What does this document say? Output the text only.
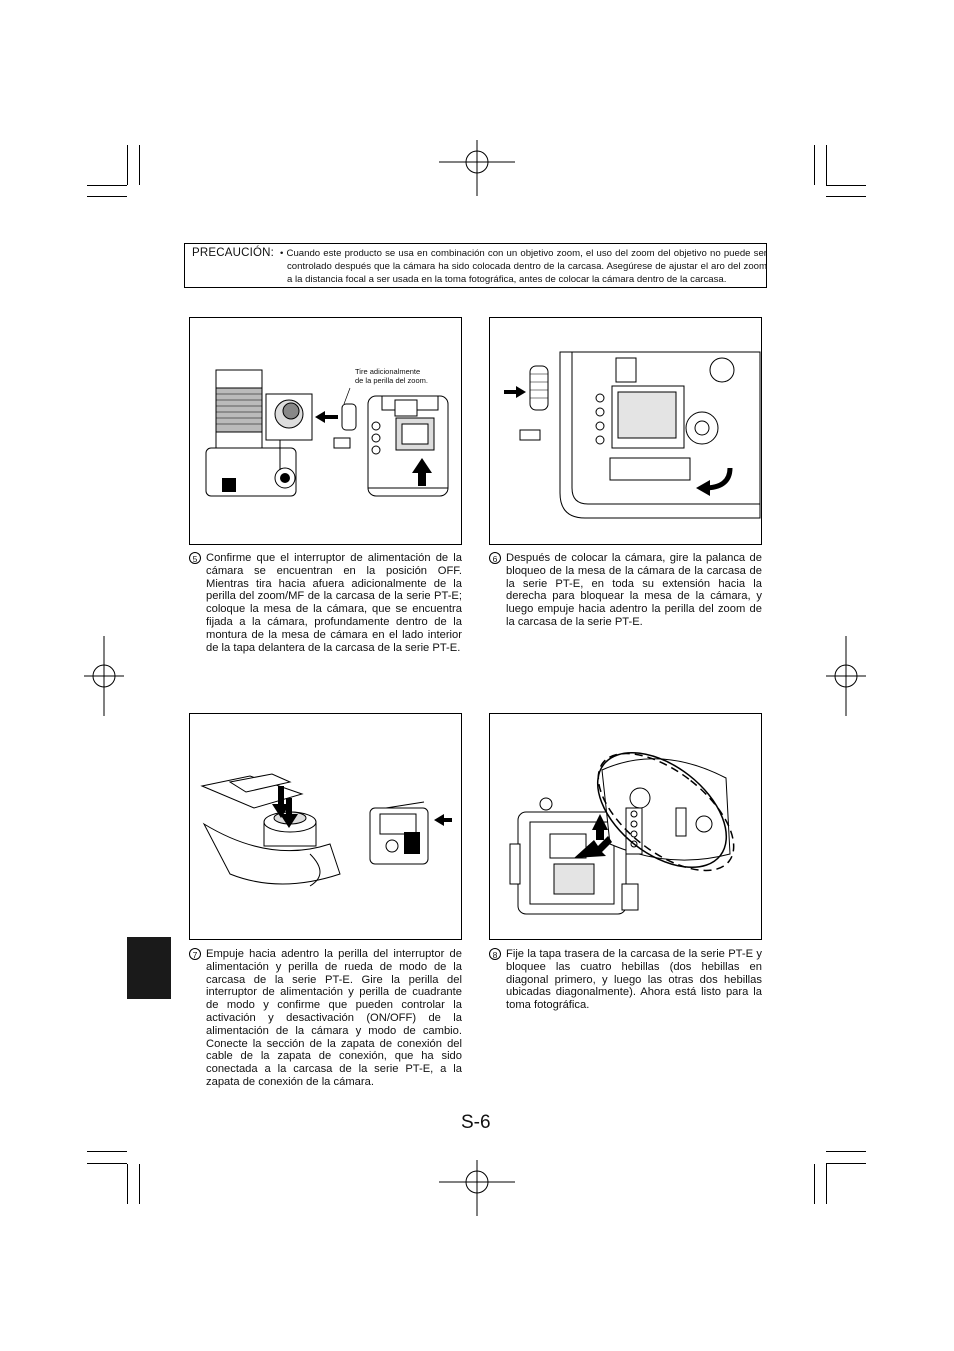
PRECAUCIÓN: • Cuando este producto se usa en combinación con un objetivo zoom, el uso del zoom del objetivo no puede ser controlado después que la cámara ha sido colocada dentro de la carcasa. Asegúrese de ajustar el aro del zoom a la distancia focal a ser usada en la toma fotográfica, antes de colocar la cámara dentro de la carcasa.
Tire adicionalmente
de la perilla del zoom.
5 Confirme que el interruptor de alimentación de la cámara se encuentran en la posición OFF. Mientras tira hacia afuera adicionalmente de la perilla del zoom/MF de la carcasa de la serie PT-E; coloque la mesa de la cámara, que se encuentra fijada a la cámara, profundamente dentro de la montura de la mesa de cámara en el lado interior de la tapa delantera de la carcasa de la serie PT-E.
6 Después de colocar la cámara, gire la palanca de bloqueo de la mesa de la cámara de la carcasa de la serie PT-E, en toda su extensión hacia la derecha para bloquear la mesa de la cámara, y luego empuje hacia adentro la perilla del zoom de la carcasa de la serie PT-E.
7 Empuje hacia adentro la perilla del interruptor de alimentación y perilla de rueda de modo de la carcasa de la serie PT-E. Gire la perilla del interruptor de alimentación y perilla de cuadrante de modo y confirme que pueden controlar la activación y desactivación (ON/OFF) de la alimentación de la cámara y modo de cambio. Conecte la sección de la zapata de conexión del cable de la zapata de conexión, que ha sido conectada a la carcasa de la serie PT-E, a la zapata de conexión de la cámara.
8 Fije la tapa trasera de la carcasa de la serie PT-E y bloquee las cuatro hebillas (dos hebillas en diagonal primero, y luego las otras dos hebillas ubicadas diagonalmente). Ahora está listo para la toma fotográfica.
S-6
